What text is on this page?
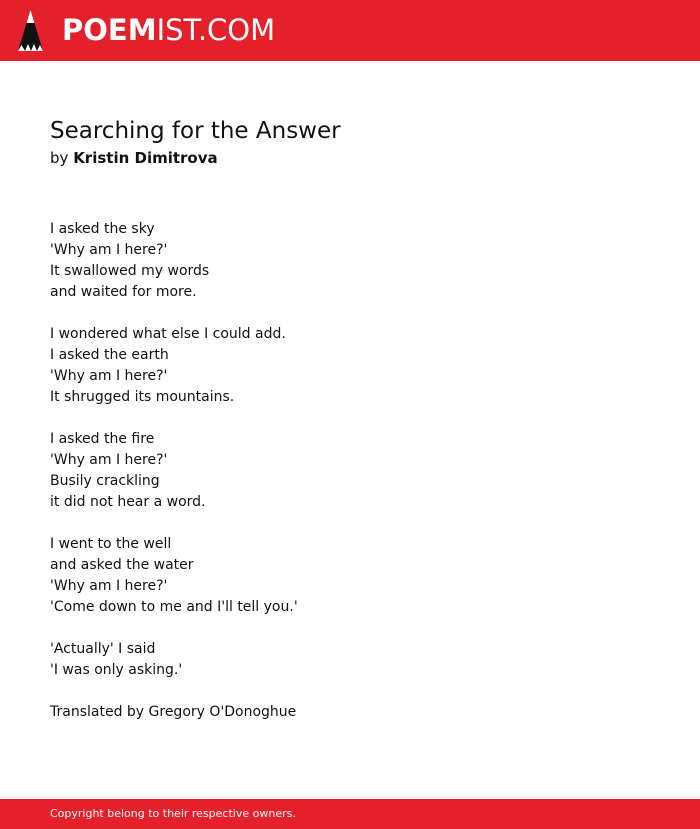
POEMIST.COM
Searching for the Answer
by Kristin Dimitrova
I asked the sky
'Why am I here?'
It swallowed my words
and waited for more.
I wondered what else I could add.
I asked the earth
'Why am I here?'
It shrugged its mountains.
I asked the fire
'Why am I here?'
Busily crackling
it did not hear a word.
I went to the well
and asked the water
'Why am I here?'
'Come down to me and I'll tell you.'
'Actually' I said
'I was only asking.'
Translated by Gregory O'Donoghue
Copyright belong to their respective owners.
